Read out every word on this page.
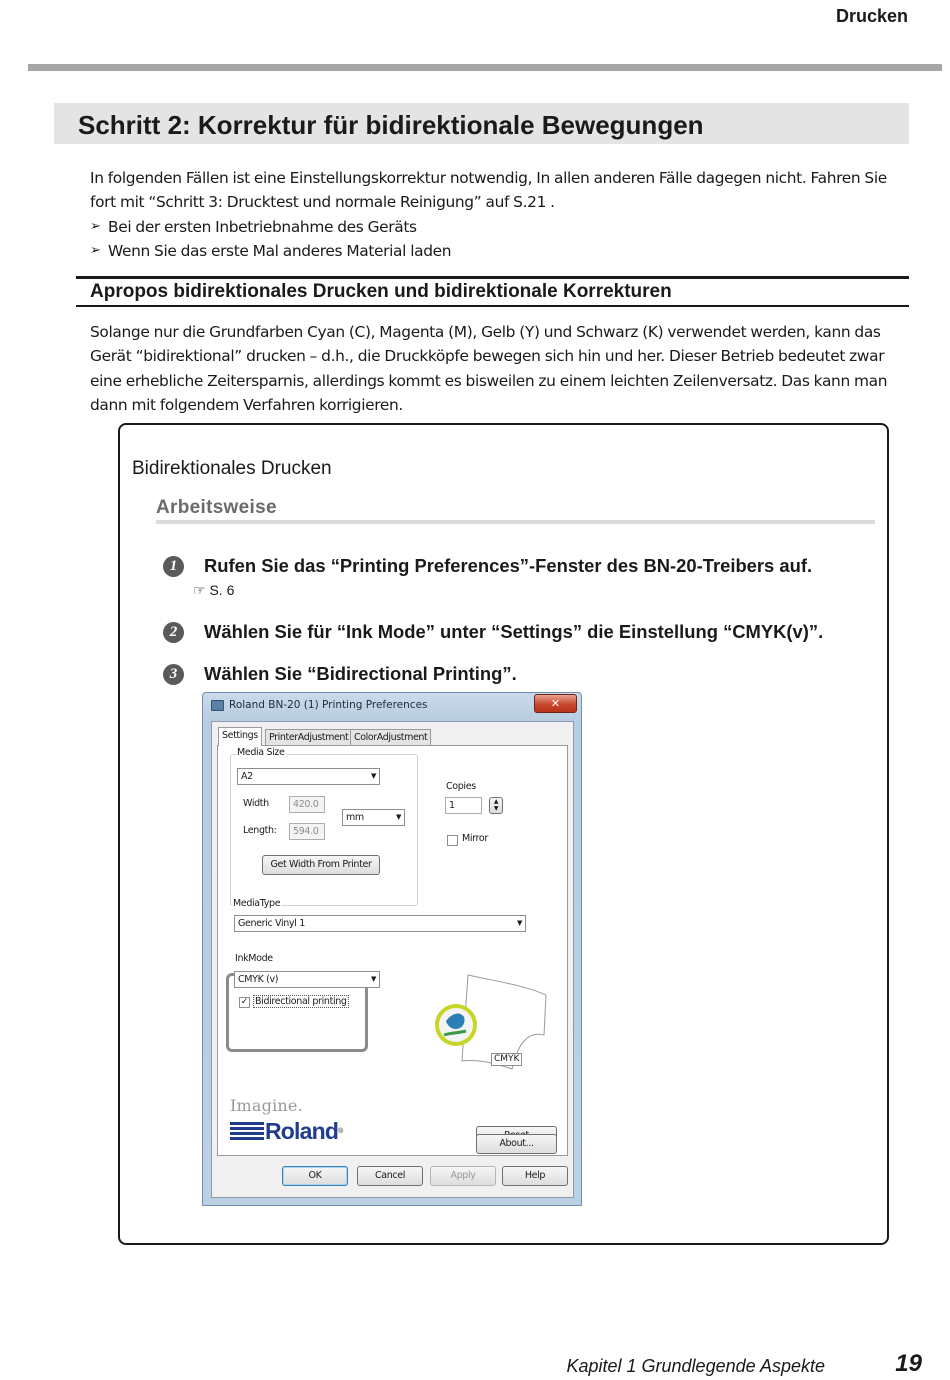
Drucken
Schritt 2: Korrektur für bidirektionale Bewegungen
In folgenden Fällen ist eine Einstellungskorrektur notwendig, In allen anderen Fälle dagegen nicht. Fahren Sie
fort mit “Schritt 3: Drucktest und normale Reinigung” auf S.21 .
➢ Bei der ersten Inbetriebnahme des Geräts
➢ Wenn Sie das erste Mal anderes Material laden
Apropos bidirektionales Drucken und bidirektionale Korrekturen
Solange nur die Grundfarben Cyan (C), Magenta (M), Gelb (Y) und Schwarz (K) verwendet werden, kann das
Gerät “bidirektional” drucken – d.h., die Druckköpfe bewegen sich hin und her. Dieser Betrieb bedeutet zwar
eine erhebliche Zeitersparnis, allerdings kommt es bisweilen zu einem leichten Zeilenversatz. Das kann man
dann mit folgendem Verfahren korrigieren.
Bidirektionales Drucken
Arbeitsweise
1	Rufen Sie das “Printing Preferences”-Fenster des BN-20-Treibers auf.
☞ S. 6
2	Wählen Sie für “Ink Mode” unter “Settings” die Einstellung “CMYK(v)”.
3	Wählen Sie “Bidirectional Printing”.
Roland BN-20 (1) Printing Preferences	✕
Settings	PrinterAdjustment ColorAdjustment
Media Size
A2	▼
Width	420.0
Length:	594.0
mm	▼
Get Width From Printer
Copies
1	▲
▼
Mirror
MediaType
Generic Vinyl 1	▼
InkMode
CMYK (v)	▼
✓ Bidirectional printing
CMYK
Imagine.
Roland ®
About...
OK	Cancel	Apply	Help
Kapitel 1 Grundlegende Aspekte	19
